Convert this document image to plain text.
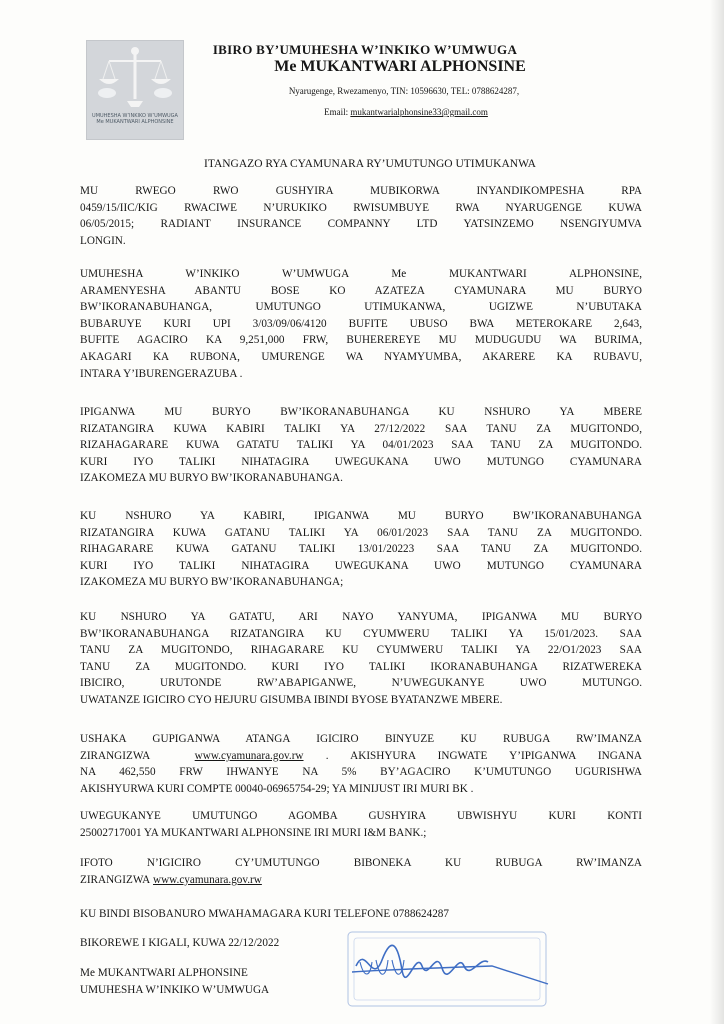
UMUHESHA W’INKIKO W’UMWUGA
Me MUKANTWARI ALPHONSINE
IBIRO BY’UMUHESHA W’INKIKO W’UMWUGA
Me MUKANTWARI ALPHONSINE
Nyarugenge, Rwezamenyo, TIN: 10596630, TEL: 0788624287,
Email: mukantwarialphonsine33@gmail.com
ITANGAZO RYA CYAMUNARA RY’UMUTUNGO UTIMUKANWA
MU RWEGO RWO GUSHYIRA MUBIKORWA INYANDIKOMPESHA RPA
0459/15/IIC/KIG RWACIWE N’URUKIKO RWISUMBUYE RWA NYARUGENGE KUWA
06/05/2015; RADIANT INSURANCE COMPANNY LTD YATSINZEMO NSENGIYUMVA
LONGIN.
UMUHESHA W’INKIKO W’UMWUGA Me MUKANTWARI ALPHONSINE,
ARAMENYESHA ABANTU BOSE KO AZATEZA CYAMUNARA MU BURYO
BW’IKORANABUHANGA, UMUTUNGO UTIMUKANWA, UGIZWE N’UBUTAKA
BUBARUYE KURI UPI 3/03/09/06/4120 BUFITE UBUSO BWA METEROKARE 2,643,
BUFITE AGACIRO KA 9,251,000 FRW, BUHEREREYE MU MUDUGUDU WA BURIMA,
AKAGARI KA RUBONA, UMURENGE WA NYAMYUMBA, AKARERE KA RUBAVU,
INTARA Y’IBURENGERAZUBA .
IPIGANWA MU BURYO BW’IKORANABUHANGA KU NSHURO YA MBERE
RIZATANGIRA KUWA KABIRI TALIKI YA 27/12/2022 SAA TANU ZA MUGITONDO,
RIZAHAGARARE KUWA GATATU TALIKI YA 04/01/2023 SAA TANU ZA MUGITONDO.
KURI IYO TALIKI NIHATAGIRA UWEGUKANA UWO MUTUNGO CYAMUNARA
IZAKOMEZA MU BURYO BW’IKORANABUHANGA.
KU NSHURO YA KABIRI, IPIGANWA MU BURYO BW’IKORANABUHANGA
RIZATANGIRA KUWA GATANU TALIKI YA 06/01/2023 SAA TANU ZA MUGITONDO.
RIHAGARARE KUWA GATANU TALIKI 13/01/20223 SAA TANU ZA MUGITONDO.
KURI IYO TALIKI NIHATAGIRA UWEGUKANA UWO MUTUNGO CYAMUNARA
IZAKOMEZA MU BURYO BW’IKORANABUHANGA;
KU NSHURO YA GATATU, ARI NAYO YANYUMA, IPIGANWA MU BURYO
BW’IKORANABUHANGA RIZATANGIRA KU CYUMWERU TALIKI YA 15/01/2023. SAA
TANU ZA MUGITONDO, RIHAGARARE KU CYUMWERU TALIKI YA 22/O1/2023 SAA
TANU ZA MUGITONDO. KURI IYO TALIKI IKORANABUHANGA RIZATWEREKA
IBICIRO, URUTONDE RW’ABAPIGANWE, N’UWEGUKANYE UWO MUTUNGO.
UWATANZE IGICIRO CYO HEJURU GISUMBA IBINDI BYOSE BYATANZWE MBERE.
USHAKA GUPIGANWA ATANGA IGICIRO BINYUZE KU RUBUGA RW’IMANZA
ZIRANGIZWA	www.cyamunara.gov.rw . AKISHYURA INGWATE Y’IPIGANWA INGANA
NA 462,550 FRW IHWANYE NA 5% BY’AGACIRO K’UMUTUNGO UGURISHWA
AKISHYURWA KURI COMPTE 00040-06965754-29; YA MINIJUST IRI MURI BK .
UWEGUKANYE UMUTUNGO AGOMBA GUSHYIRA UBWISHYU KURI KONTI
25002717001 YA MUKANTWARI ALPHONSINE IRI MURI I&M BANK.;
IFOTO N’IGICIRO CY’UMUTUNGO BIBONEKA KU RUBUGA RW’IMANZA
ZIRANGIZWA www.cyamunara.gov.rw
KU BINDI BISOBANURO MWAHAMAGARA KURI TELEFONE 0788624287
BIKOREWE I KIGALI, KUWA 22/12/2022
Me MUKANTWARI ALPHONSINE
UMUHESHA W’INKIKO W’UMWUGA
